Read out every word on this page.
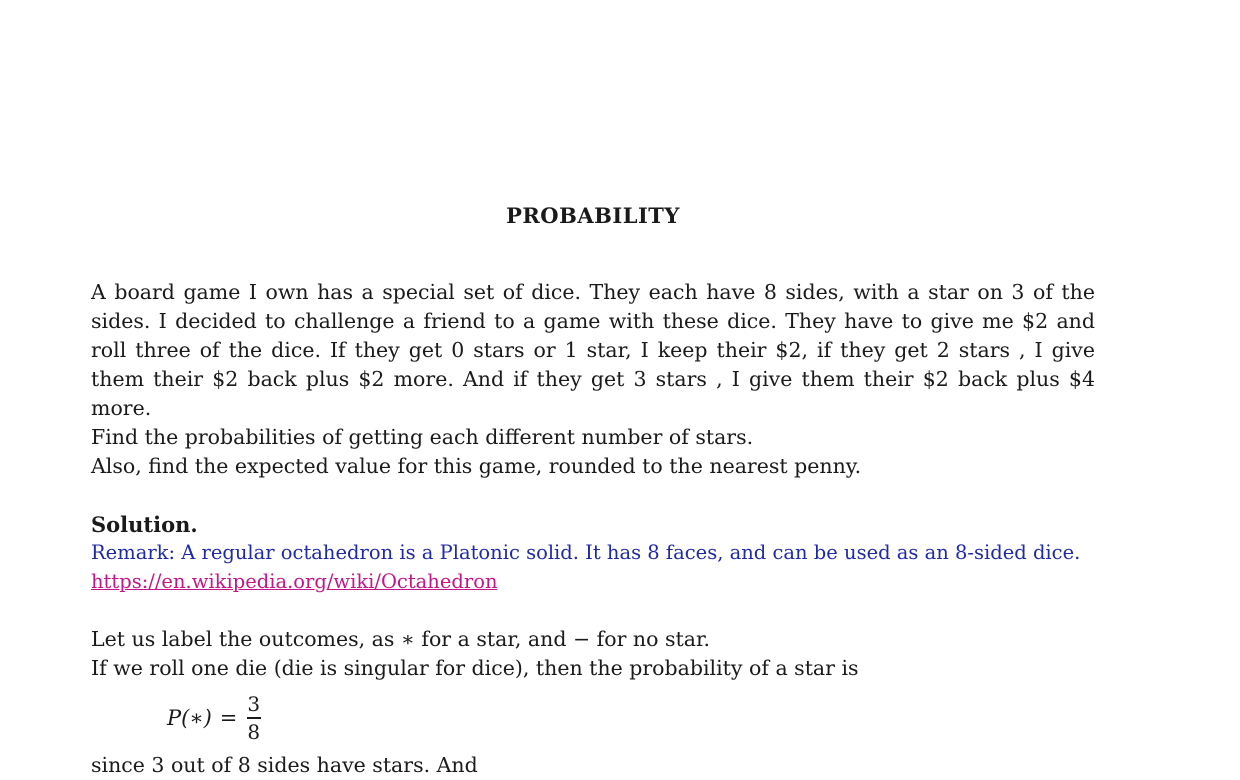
PROBABILITY

A board game I own has a special set of dice. They each have 8 sides, with a star on 3 of the sides. I decided to challenge a friend to a game with these dice. They have to give me $2 and roll three of the dice. If they get 0 stars or 1 star, I keep their $2, if they get 2 stars , I give them their $2 back plus $2 more. And if they get 3 stars , I give them their $2 back plus $4 more.

Find the probabilities of getting each different number of stars.

Also, find the expected value for this game, rounded to the nearest penny.

Solution.
Remark: A regular octahedron is a Platonic solid. It has 8 faces, and can be used as an 8-sided dice.
https://en.wikipedia.org/wiki/Octahedron
Let us label the outcomes, as ∗ for a star, and − for no star.
If we roll one die (die is singular for dice), then the probability of a star is
P(∗) = $\frac{3}{8}$
since 3 out of 8 sides have stars. And
